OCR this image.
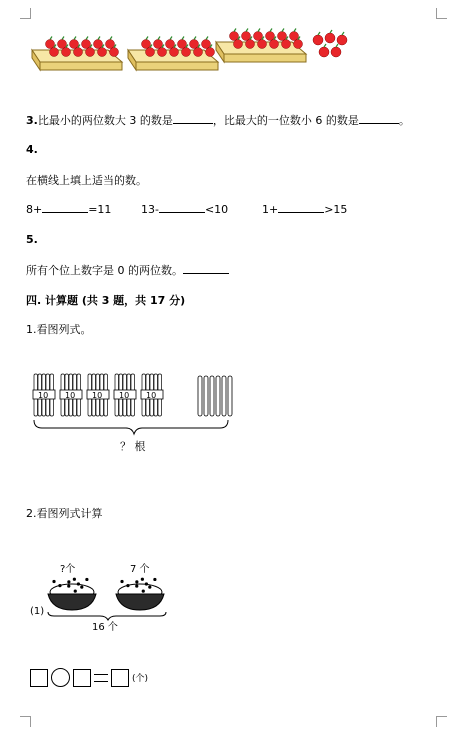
3.比最小的两位数大 3 的数是	，比最大的一位数小 6 的数是	。
4.
在横线上填上适当的数。
8+	=11	13-	<10	1+	>15
5.
所有个位上数字是 0 的两位数。
四. 计算题 (共 3 题，共 17 分)
1.看图列式。
10 10 10 10 10
？ 根
2.看图列式计算
?个	7 个
16 个
(1)
(个)
